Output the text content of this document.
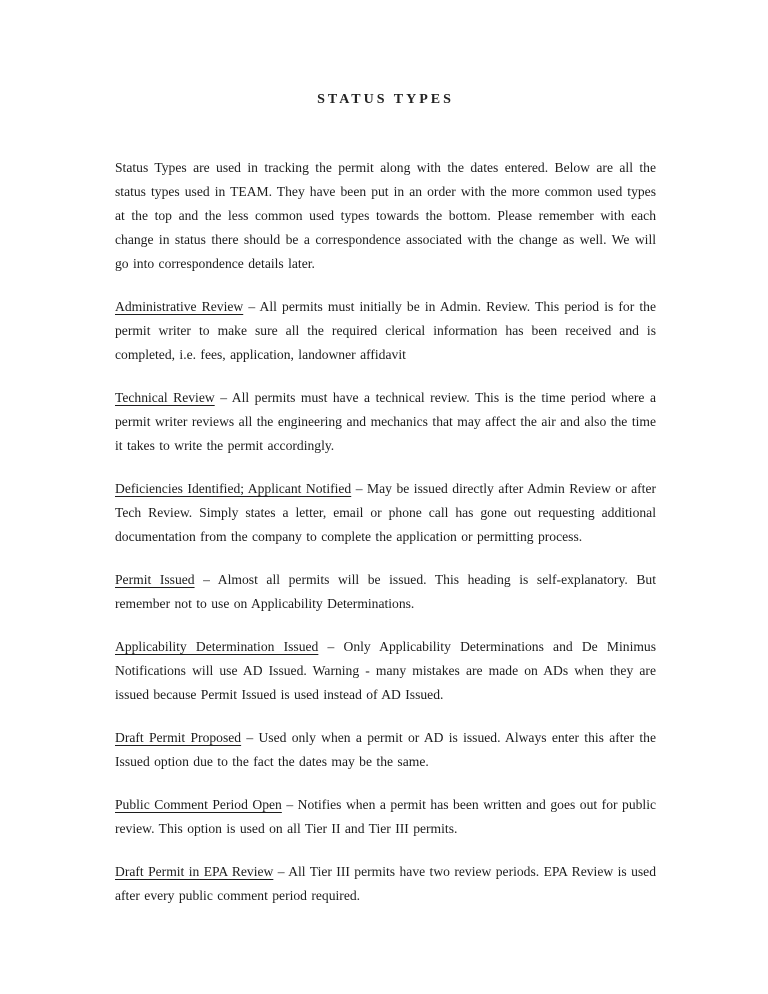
STATUS TYPES

Status Types are used in tracking the permit along with the dates entered. Below are all the status types used in TEAM. They have been put in an order with the more common used types at the top and the less common used types towards the bottom. Please remember with each change in status there should be a correspondence associated with the change as well. We will go into correspondence details later.

Administrative Review – All permits must initially be in Admin. Review. This period is for the permit writer to make sure all the required clerical information has been received and is completed, i.e. fees, application, landowner affidavit

Technical Review – All permits must have a technical review. This is the time period where a permit writer reviews all the engineering and mechanics that may affect the air and also the time it takes to write the permit accordingly.

Deficiencies Identified; Applicant Notified – May be issued directly after Admin Review or after Tech Review. Simply states a letter, email or phone call has gone out requesting additional documentation from the company to complete the application or permitting process.

Permit Issued – Almost all permits will be issued. This heading is self-explanatory. But remember not to use on Applicability Determinations.

Applicability Determination Issued – Only Applicability Determinations and De Minimus Notifications will use AD Issued. Warning - many mistakes are made on ADs when they are issued because Permit Issued is used instead of AD Issued.

Draft Permit Proposed – Used only when a permit or AD is issued. Always enter this after the Issued option due to the fact the dates may be the same.

Public Comment Period Open – Notifies when a permit has been written and goes out for public review. This option is used on all Tier II and Tier III permits.

Draft Permit in EPA Review – All Tier III permits have two review periods. EPA Review is used after every public comment period required.
